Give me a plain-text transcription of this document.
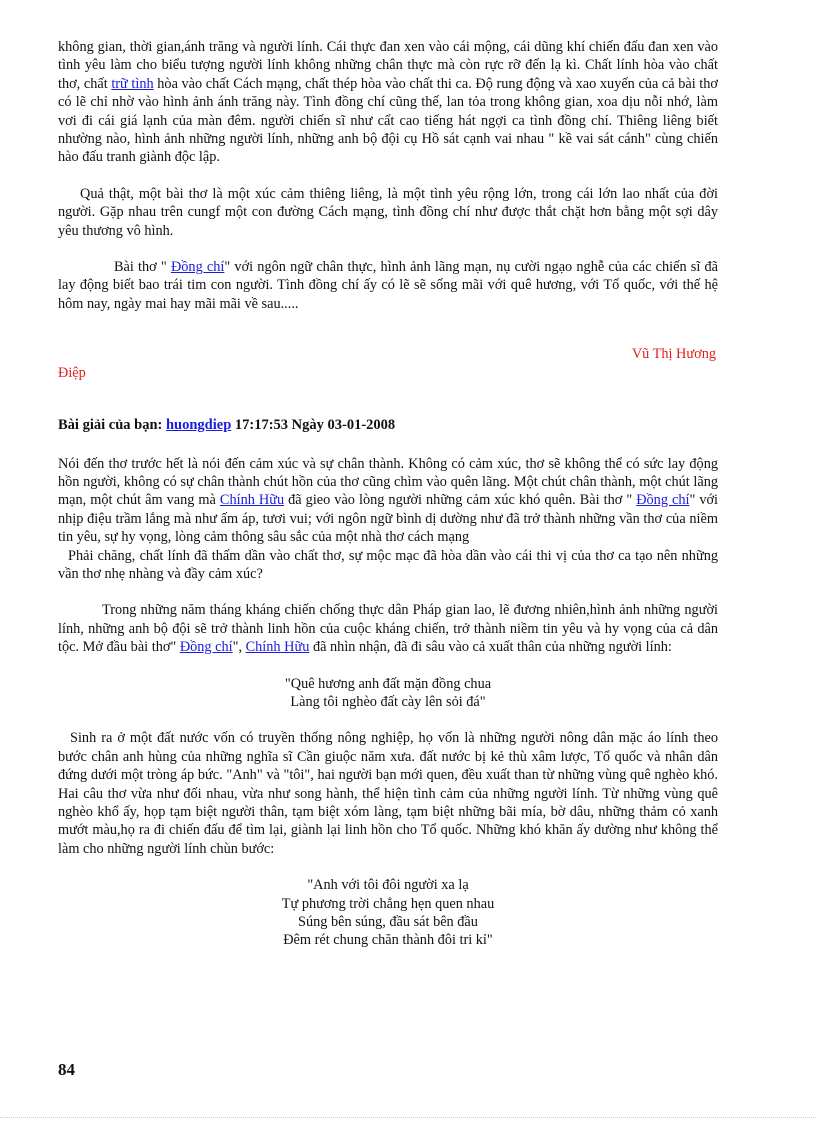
không gian, thời gian,ánh trăng và người lính. Cái thực đan xen vào cái mộng, cái dũng khí chiến đấu đan xen vào tình yêu làm cho biểu tượng người lính không những chân thực mà còn rực rỡ đến lạ kì. Chất lính hòa vào chất thơ, chất trữ tình hòa vào chất Cách mạng, chất thép hòa vào chất thi ca. Độ rung động và xao xuyến của cả bài thơ có lẽ chỉ nhờ vào hình ảnh ánh trăng này. Tình đồng chí cũng thế, lan tỏa trong không gian, xoa dịu nỗi nhớ, làm vơi đi cái giá lạnh của màn đêm. người chiến sĩ như cất cao tiếng hát ngợi ca tình đồng chí. Thiêng liêng biết nhường nào, hình ảnh những người lính, những anh bộ đội cụ Hồ sát cạnh vai nhau " kề vai sát cánh" cùng chiến hào đấu tranh giành độc lập.

Quả thật, một bài thơ là một xúc cảm thiêng liêng, là một tình yêu rộng lớn, trong cái lớn lao nhất của đời người. Gặp nhau trên cungf một con đường Cách mạng, tình đồng chí như được thắt chặt hơn bằng một sợi dây yêu thương vô hình.

Bài thơ " Đồng chí" với ngôn ngữ chân thực, hình ảnh lãng mạn, nụ cười ngạo nghễ của các chiến sĩ đã lay động biết bao trái tim con người. Tình đồng chí ấy có lẽ sẽ sống mãi với quê hương, với Tổ quốc, với thế hệ hôm nay, ngày mai hay mãi mãi về sau.....

Vũ Thị Hương

Điệp

Bài giải của bạn: huongdiep 17:17:53 Ngày 03-01-2008

Nói đến thơ trước hết là nói đến cảm xúc và sự chân thành. Không có cảm xúc, thơ sẽ không thể có sức lay động hồn người, không có sự chân thành chút hồn của thơ cũng chìm vào quên lãng. Một chút chân thành, một chút lãng mạn, một chút âm vang mà Chính Hữu đã gieo vào lòng người những cảm xúc khó quên. Bài thơ " Đồng chí" với nhịp điệu trầm lắng mà như ấm áp, tươi vui; với ngôn ngữ bình dị dường như đã trở thành những vần thơ của niềm tin yêu, sự hy vọng, lòng cảm thông sâu sắc của một nhà thơ cách mạng

Phải chăng, chất lính đã thấm dần vào chất thơ, sự mộc mạc đã hòa dần vào cái thi vị của thơ ca tạo nên những vần thơ nhẹ nhàng và đầy cảm xúc?

Trong những năm tháng kháng chiến chống thực dân Pháp gian lao, lẽ đương nhiên,hình ảnh những người lính, những anh bộ đội sẽ trở thành linh hồn của cuộc kháng chiến, trở thành niềm tin yêu và hy vọng của cả dân tộc. Mở đầu bài thơ" Đồng chí", Chính Hữu đã nhìn nhận, đã đi sâu vào cả xuất thân của những người lính:

"Quê hương anh đất mặn đồng chua

Làng tôi nghèo đất cày lên sỏi đá"

Sinh ra ở một đất nước vốn có truyền thống nông nghiệp, họ vốn là những người nông dân mặc áo lính theo bước chân anh hùng của những nghĩa sĩ Cần giuộc năm xưa. đất nước bị kẻ thù xâm lược, Tổ quốc và nhân dân đứng dưới một tròng áp bức. "Anh" và "tôi", hai người bạn mới quen, đều xuất than từ những vùng quê nghèo khó. Hai câu thơ vừa như đối nhau, vừa như song hành, thể hiện tình cảm của những người lính. Từ những vùng quê nghèo khổ ấy, họp tạm biệt người thân, tạm biệt xóm làng, tạm biệt những bãi mía, bờ dâu, những thảm cỏ xanh mướt màu,họ ra đi chiến đấu để tìm lại, giành lại linh hồn cho Tổ quốc. Những khó khăn ấy dường như không thể làm cho những người lính chùn bước:

"Anh với tôi đôi người xa lạ

Tự phương trời chẳng hẹn quen nhau

Súng bên súng, đầu sát bên đầu

Đêm rét chung chăn thành đôi tri kỉ"

84
